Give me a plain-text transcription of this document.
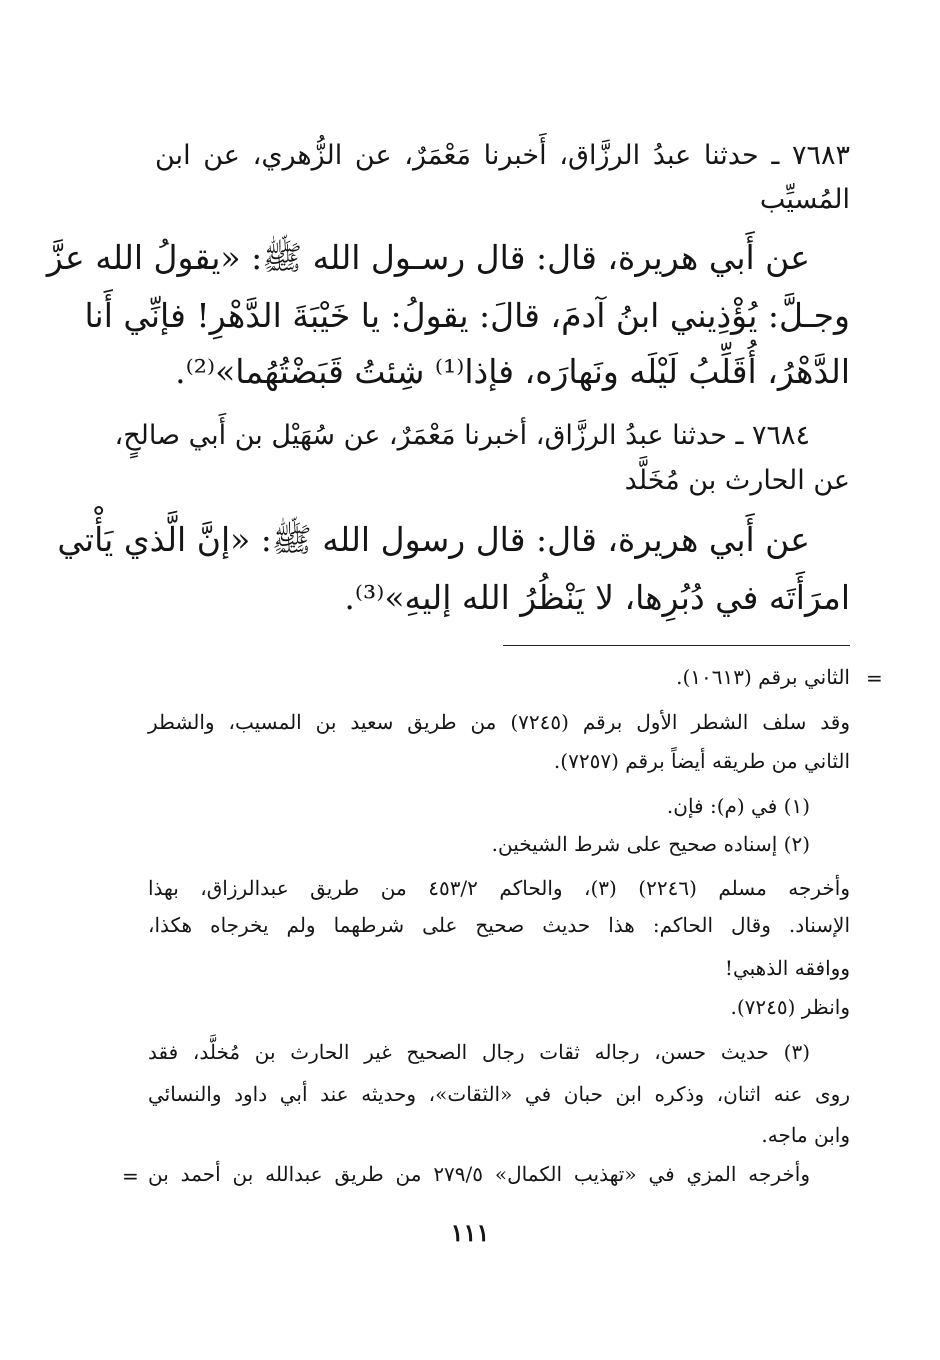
٧٦٨٣ ـ حدثنا عبدُ الرزَّاق، أَخبرنا مَعْمَرٌ، عن الزُّهري، عن ابن
المُسيِّب
عن أَبي هريرة، قال: قال رسـول الله ﷺ: «يقولُ الله عزَّ
وجـلَّ: يُؤْذِيني ابنُ آدمَ، قالَ: يقولُ: يا خَيْبَةَ الدَّهْرِ! فإنِّي أَنا
الدَّهْرُ، أُقَلِّبُ لَيْلَه ونَهارَه، فإذا⁽¹⁾ شِئتُ قَبَضْتُهُما»⁽²⁾.
٧٦٨٤ ـ حدثنا عبدُ الرزَّاق، أخبرنا مَعْمَرٌ، عن سُهَيْل بن أَبي صالحٍ،
عن الحارث بن مُخَلَّد
عن أَبي هريرة، قال: قال رسول الله ﷺ: «إنَّ الَّذي يَأْتي
امرَأَتَه في دُبُرِها، لا يَنْظُرُ الله إليهِ»⁽³⁾.
=
الثاني برقم (١٠٦١٣).
وقد سلف الشطر الأول برقم (٧٢٤٥) من طريق سعيد بن المسيب، والشطر
الثاني من طريقه أيضاً برقم (٧٢٥٧).
(١) في (م): فإن.
(٢) إسناده صحيح على شرط الشيخين.
وأخرجه مسلم (٢٢٤٦) (٣)، والحاكم ٤٥٣/٢ من طريق عبدالرزاق، بهذا
الإسناد. وقال الحاكم: هذا حديث صحيح على شرطهما ولم يخرجاه هكذا،
ووافقه الذهبي!
وانظر (٧٢٤٥).
(٣) حديث حسن، رجاله ثقات رجال الصحيح غير الحارث بن مُخلَّد، فقد
روى عنه اثنان، وذكره ابن حبان في «الثقات»، وحديثه عند أبي داود والنسائي
وابن ماجه.
وأخرجه المزي في «تهذيب الكمال» ٢٧٩/٥ من طريق عبدالله بن أحمد بن
=
١١١
